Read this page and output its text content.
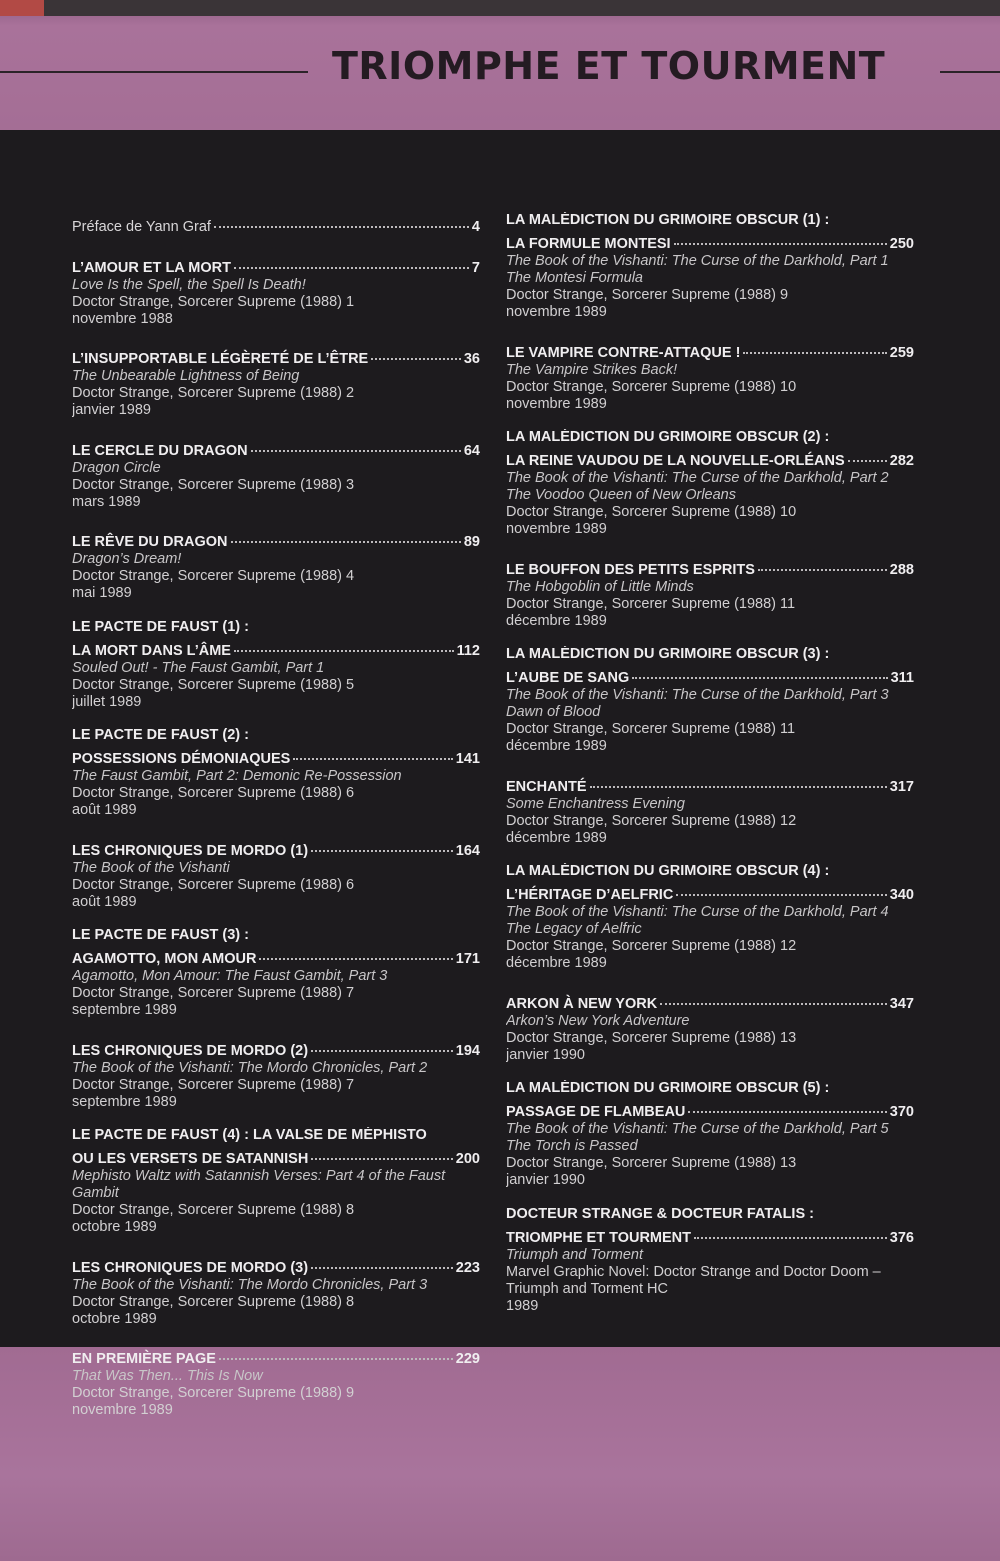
TRIOMPHE ET TOURMENT
Préface de Yann Graf	4
L’AMOUR ET LA MORT	7
Love Is the Spell, the Spell Is Death!
Doctor Strange, Sorcerer Supreme (1988) 1
novembre 1988
L’INSUPPORTABLE LÉGÈRETÉ DE L’ÊTRE	36
The Unbearable Lightness of Being
Doctor Strange, Sorcerer Supreme (1988) 2
janvier 1989
LE CERCLE DU DRAGON	64
Dragon Circle
Doctor Strange, Sorcerer Supreme (1988) 3
mars 1989
LE RÊVE DU DRAGON	89
Dragon’s Dream!
Doctor Strange, Sorcerer Supreme (1988) 4
mai 1989
LE PACTE DE FAUST (1) :
LA MORT DANS L’ÂME	112
Souled Out! - The Faust Gambit, Part 1
Doctor Strange, Sorcerer Supreme (1988) 5
juillet 1989
LE PACTE DE FAUST (2) :
POSSESSIONS DÉMONIAQUES	141
The Faust Gambit, Part 2: Demonic Re-Possession
Doctor Strange, Sorcerer Supreme (1988) 6
août 1989
LES CHRONIQUES DE MORDO (1)	164
The Book of the Vishanti
Doctor Strange, Sorcerer Supreme (1988) 6
août 1989
LE PACTE DE FAUST (3) :
AGAMOTTO, MON AMOUR	171
Agamotto, Mon Amour: The Faust Gambit, Part 3
Doctor Strange, Sorcerer Supreme (1988) 7
septembre 1989
LES CHRONIQUES DE MORDO (2)	194
The Book of the Vishanti: The Mordo Chronicles, Part 2
Doctor Strange, Sorcerer Supreme (1988) 7
septembre 1989
LE PACTE DE FAUST (4) : LA VALSE DE MÉPHISTO
OU LES VERSETS DE SATANNISH	200
Mephisto Waltz with Satannish Verses: Part 4 of the Faust Gambit
Doctor Strange, Sorcerer Supreme (1988) 8
octobre 1989
LES CHRONIQUES DE MORDO (3)	223
The Book of the Vishanti: The Mordo Chronicles, Part 3
Doctor Strange, Sorcerer Supreme (1988) 8
octobre 1989
EN PREMIÈRE PAGE	229
That Was Then... This Is Now
Doctor Strange, Sorcerer Supreme (1988) 9
novembre 1989
LA MALÉDICTION DU GRIMOIRE OBSCUR (1) :
LA FORMULE MONTESI	250
The Book of the Vishanti: The Curse of the Darkhold, Part 1
The Montesi Formula
Doctor Strange, Sorcerer Supreme (1988) 9
novembre 1989
LE VAMPIRE CONTRE-ATTAQUE !	259
The Vampire Strikes Back!
Doctor Strange, Sorcerer Supreme (1988) 10
novembre 1989
LA MALÉDICTION DU GRIMOIRE OBSCUR (2) :
LA REINE VAUDOU DE LA NOUVELLE-ORLÉANS	282
The Book of the Vishanti: The Curse of the Darkhold, Part 2
The Voodoo Queen of New Orleans
Doctor Strange, Sorcerer Supreme (1988) 10
novembre 1989
LE BOUFFON DES PETITS ESPRITS	288
The Hobgoblin of Little Minds
Doctor Strange, Sorcerer Supreme (1988) 11
décembre 1989
LA MALÉDICTION DU GRIMOIRE OBSCUR (3) :
L’AUBE DE SANG	311
The Book of the Vishanti: The Curse of the Darkhold, Part 3
Dawn of Blood
Doctor Strange, Sorcerer Supreme (1988) 11
décembre 1989
ENCHANTÉ	317
Some Enchantress Evening
Doctor Strange, Sorcerer Supreme (1988) 12
décembre 1989
LA MALÉDICTION DU GRIMOIRE OBSCUR (4) :
L’HÉRITAGE D’AELFRIC	340
The Book of the Vishanti: The Curse of the Darkhold, Part 4
The Legacy of Aelfric
Doctor Strange, Sorcerer Supreme (1988) 12
décembre 1989
ARKON À NEW YORK	347
Arkon’s New York Adventure
Doctor Strange, Sorcerer Supreme (1988) 13
janvier 1990
LA MALÉDICTION DU GRIMOIRE OBSCUR (5) :
PASSAGE DE FLAMBEAU	370
The Book of the Vishanti: The Curse of the Darkhold, Part 5
The Torch is Passed
Doctor Strange, Sorcerer Supreme (1988) 13
janvier 1990
DOCTEUR STRANGE & DOCTEUR FATALIS :
TRIOMPHE ET TOURMENT	376
Triumph and Torment
Marvel Graphic Novel: Doctor Strange and Doctor Doom – Triumph and Torment HC
1989
